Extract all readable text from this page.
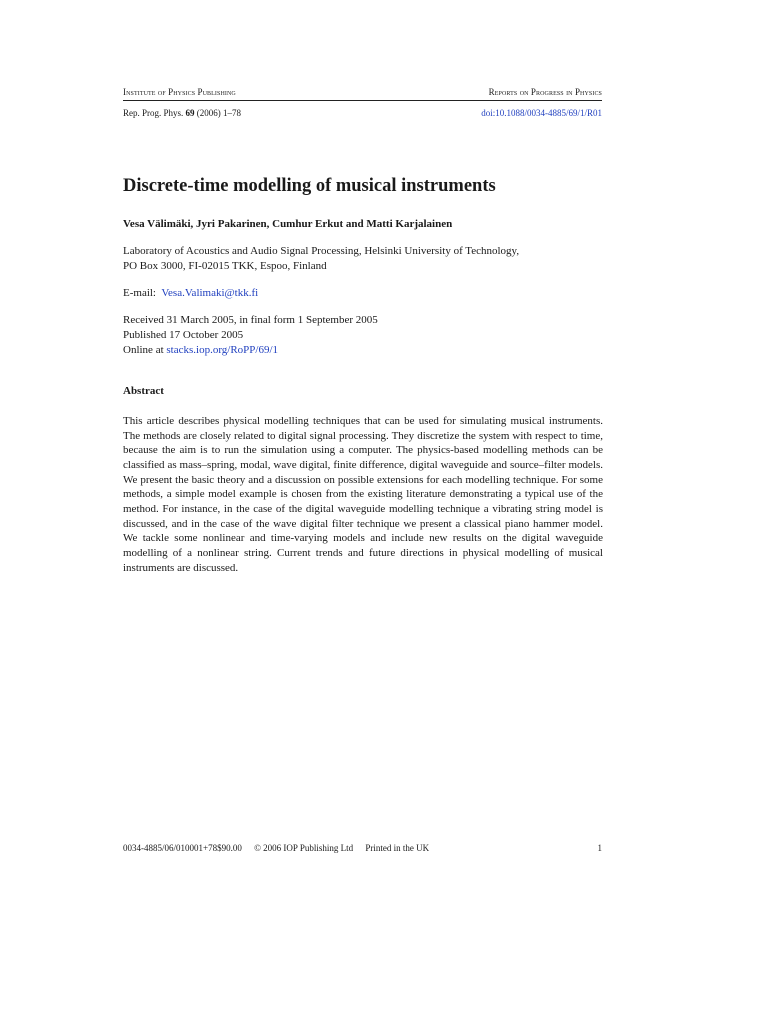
Institute of Physics Publishing	Reports on Progress in Physics
Rep. Prog. Phys. 69 (2006) 1–78	doi:10.1088/0034-4885/69/1/R01
Discrete-time modelling of musical instruments
Vesa Välimäki, Jyri Pakarinen, Cumhur Erkut and Matti Karjalainen
Laboratory of Acoustics and Audio Signal Processing, Helsinki University of Technology,
PO Box 3000, FI-02015 TKK, Espoo, Finland
E-mail: Vesa.Valimaki@tkk.fi
Received 31 March 2005, in final form 1 September 2005
Published 17 October 2005
Online at stacks.iop.org/RoPP/69/1
Abstract
This article describes physical modelling techniques that can be used for simulating musical instruments. The methods are closely related to digital signal processing. They discretize the system with respect to time, because the aim is to run the simulation using a computer. The physics-based modelling methods can be classified as mass–spring, modal, wave digital, finite difference, digital waveguide and source–filter models. We present the basic theory and a discussion on possible extensions for each modelling technique. For some methods, a simple model example is chosen from the existing literature demonstrating a typical use of the method. For instance, in the case of the digital waveguide modelling technique a vibrating string model is discussed, and in the case of the wave digital filter technique we present a classical piano hammer model. We tackle some nonlinear and time-varying models and include new results on the digital waveguide modelling of a nonlinear string. Current trends and future directions in physical modelling of musical instruments are discussed.
0034-4885/06/010001+78$90.00 © 2006 IOP Publishing Ltd Printed in the UK	1
